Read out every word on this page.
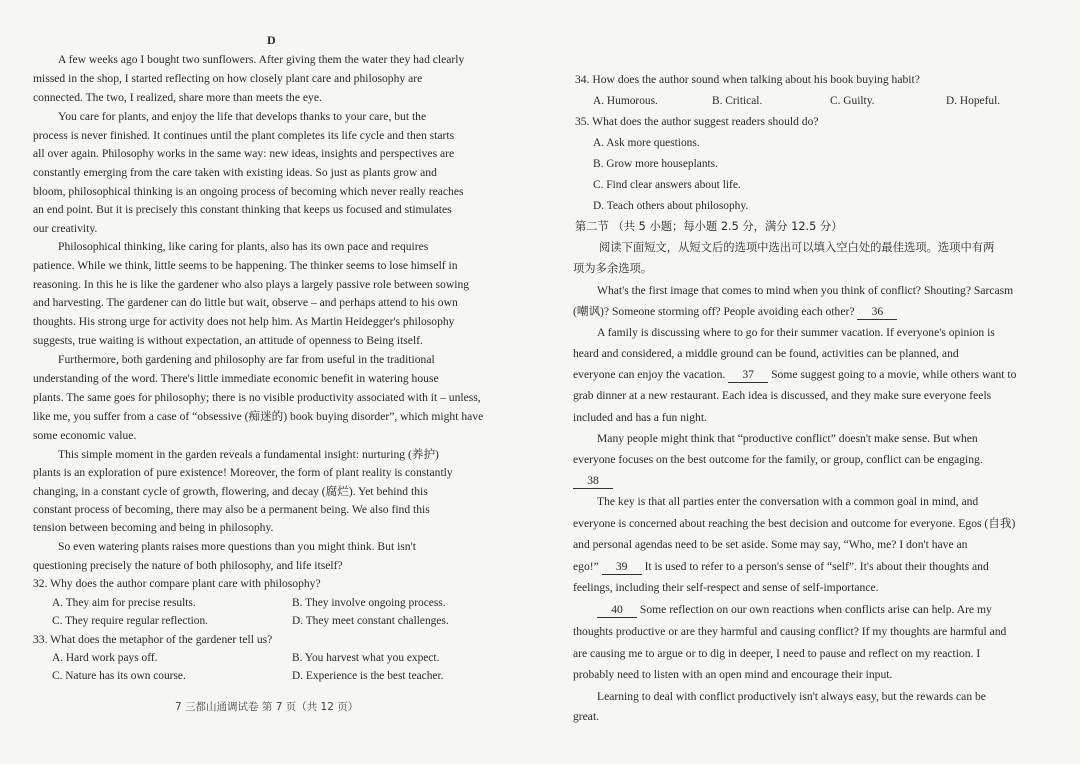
D
A few weeks ago I bought two sunflowers. After giving them the water they had clearly
missed in the shop, I started reflecting on how closely plant care and philosophy are
connected. The two, I realized, share more than meets the eye.
You care for plants, and enjoy the life that develops thanks to your care, but the
process is never finished. It continues until the plant completes its life cycle and then starts
all over again. Philosophy works in the same way: new ideas, insights and perspectives are
constantly emerging from the care taken with existing ideas. So just as plants grow and
bloom, philosophical thinking is an ongoing process of becoming which never really reaches
an end point. But it is precisely this constant thinking that keeps us focused and stimulates
our creativity.
Philosophical thinking, like caring for plants, also has its own pace and requires
patience. While we think, little seems to be happening. The thinker seems to lose himself in
reasoning. In this he is like the gardener who also plays a largely passive role between sowing
and harvesting. The gardener can do little but wait, observe – and perhaps attend to his own
thoughts. His strong urge for activity does not help him. As Martin Heidegger's philosophy
suggests, true waiting is without expectation, an attitude of openness to Being itself.
Furthermore, both gardening and philosophy are far from useful in the traditional
understanding of the word. There's little immediate economic benefit in watering house
plants. The same goes for philosophy; there is no visible productivity associated with it – unless,
like me, you suffer from a case of “obsessive (痴迷的) book buying disorder”, which might have
some economic value.
This simple moment in the garden reveals a fundamental insight: nurturing (养护)
plants is an exploration of pure existence! Moreover, the form of plant reality is constantly
changing, in a constant cycle of growth, flowering, and decay (腐烂). Yet behind this
constant process of becoming, there may also be a permanent being. We also find this
tension between becoming and being in philosophy.
So even watering plants raises more questions than you might think. But isn't
questioning precisely the nature of both philosophy, and life itself?
32. Why does the author compare plant care with philosophy?
A. They aim for precise results.	B. They involve ongoing process.
C. They require regular reflection.	D. They meet constant challenges.
33. What does the metaphor of the gardener tell us?
A. Hard work pays off.	B. You harvest what you expect.
C. Nature has its own course.	D. Experience is the best teacher.
7 三都山通调试卷 第 7 页（共 12 页）
34. How does the author sound when talking about his book buying habit?
A. Humorous.	B. Critical.	C. Guilty.	D. Hopeful.
35. What does the author suggest readers should do?
A. Ask more questions.
B. Grow more houseplants.
C. Find clear answers about life.
D. Teach others about philosophy.
第二节 （共 5 小题；每小题 2.5 分，满分 12.5 分）
阅读下面短文，从短文后的选项中选出可以填入空白处的最佳选项。选项中有两
项为多余选项。
What's the first image that comes to mind when you think of conflict? Shouting? Sarcasm
(嘲讽)? Someone storming off? People avoiding each other? 36
A family is discussing where to go for their summer vacation. If everyone's opinion is
heard and considered, a middle ground can be found, activities can be planned, and
everyone can enjoy the vacation. 37 Some suggest going to a movie, while others want to
grab dinner at a new restaurant. Each idea is discussed, and they make sure everyone feels
included and has a fun night.
Many people might think that “productive conflict” doesn't make sense. But when
everyone focuses on the best outcome for the family, or group, conflict can be engaging.
38
The key is that all parties enter the conversation with a common goal in mind, and
everyone is concerned about reaching the best decision and outcome for everyone. Egos (自我)
and personal agendas need to be set aside. Some may say, “Who, me? I don't have an
ego!” 39 It is used to refer to a person's sense of “self”. It's about their thoughts and
feelings, including their self-respect and sense of self-importance.
40 Some reflection on our own reactions when conflicts arise can help. Are my
thoughts productive or are they harmful and causing conflict? If my thoughts are harmful and
are causing me to argue or to dig in deeper, I need to pause and reflect on my reaction. I
probably need to listen with an open mind and encourage their input.
Learning to deal with conflict productively isn't always easy, but the rewards can be
great.
